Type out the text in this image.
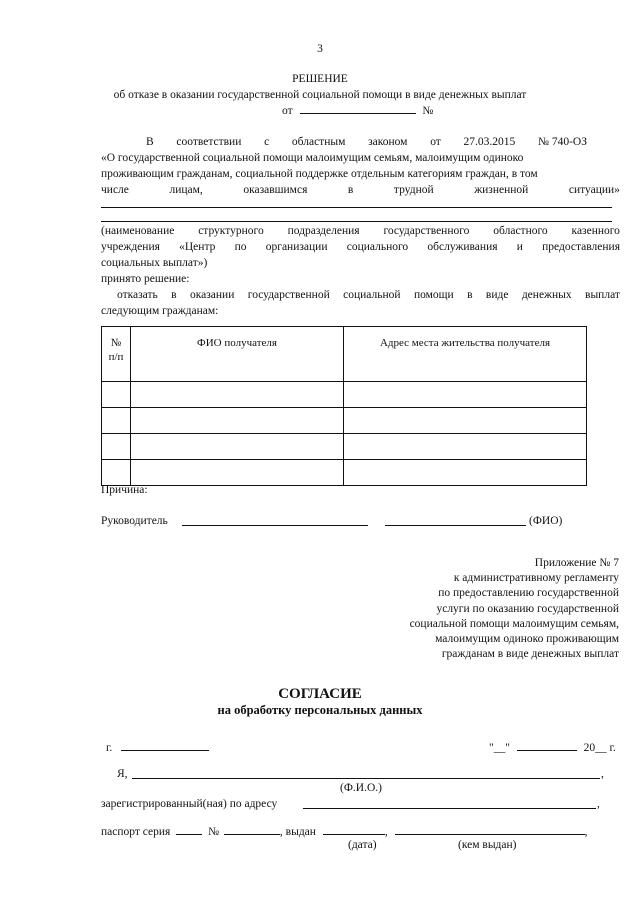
3
РЕШЕНИЕ
об отказе в оказании государственной социальной помощи в виде денежных выплат
от	№
В соответствии с областным законом от 27.03.2015 № 740-ОЗ
«О государственной социальной помощи малоимущим семьям, малоимущим одиноко
проживающим гражданам, социальной поддержке отдельным категориям граждан, в том
числе	лицам,	оказавшимся	в	трудной	жизненной	ситуации»
(наименование структурного подразделения государственного областного казенного
учреждения «Центр по организации социального обслуживания и предоставления
социальных выплат»)
принято решение:
отказать в оказании государственной социальной помощи в виде денежных выплат
следующим гражданам:
№
п/п	ФИО получателя	Адрес места жительства получателя

Причина:
Руководитель	(ФИО)
Приложение № 7
к административному регламенту
по предоставлению государственной
услуги по оказанию государственной
социальной помощи малоимущим семьям,
малоимущим одиноко проживающим
гражданам в виде денежных выплат
СОГЛАСИЕ
на обработку персональных данных
г.	"__"	20__ г.
Я,	,
(Ф.И.О.)
зарегистрированный(ная) по адресу	,
паспорт серия	№	, выдан	,	,
(дата)	(кем выдан)
